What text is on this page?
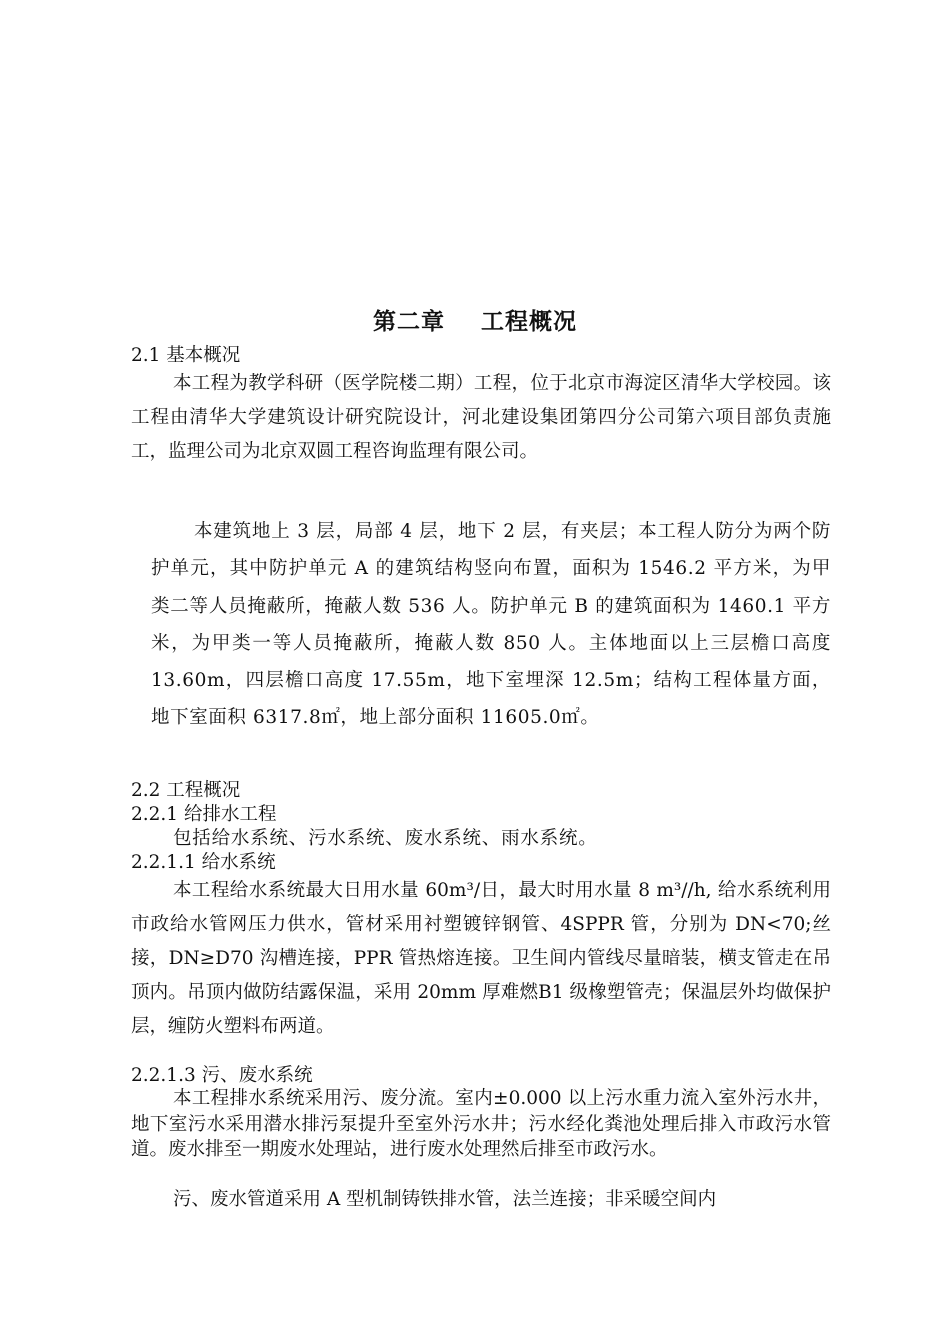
第二章    工程概况
2.1 基本概况

本工程为教学科研（医学院楼二期）工程，位于北京市海淀区清华大学校园。该工程由清华大学建筑设计研究院设计，河北建设集团第四分公司第六项目部负责施工，监理公司为北京双圆工程咨询监理有限公司。

本建筑地上 3 层，局部 4 层，地下 2 层，有夹层；本工程人防分为两个防护单元，其中防护单元 A 的建筑结构竖向布置，面积为 1546.2 平方米，为甲类二等人员掩蔽所，掩蔽人数 536 人。防护单元 B 的建筑面积为 1460.1 平方米，为甲类一等人员掩蔽所，掩蔽人数 850 人。主体地面以上三层檐口高度 13.60m，四层檐口高度 17.55m，地下室埋深 12.5m；结构工程体量方面，地下室面积 6317.8㎡，地上部分面积 11605.0㎡。

2.2 工程概况
2.2.1 给排水工程

包括给水系统、污水系统、废水系统、雨水系统。

2.2.1.1 给水系统

本工程给水系统最大日用水量 60m³/日，最大时用水量 8 m³//h, 给水系统利用市政给水管网压力供水，管材采用衬塑镀锌钢管、4SPPR 管，分别为 DN<70;丝接，DN≥D70 沟槽连接，PPR 管热熔连接。卫生间内管线尽量暗装，横支管走在吊顶内。吊顶内做防结露保温，采用 20mm 厚难燃B1 级橡塑管壳；保温层外均做保护层，缠防火塑料布两道。

2.2.1.3 污、废水系统

本工程排水系统采用污、废分流。室内±0.000 以上污水重力流入室外污水井，地下室污水采用潜水排污泵提升至室外污水井；污水经化粪池处理后排入市政污水管道。废水排至一期废水处理站，进行废水处理然后排至市政污水。

污、废水管道采用 A 型机制铸铁排水管，法兰连接；非采暖空间内
